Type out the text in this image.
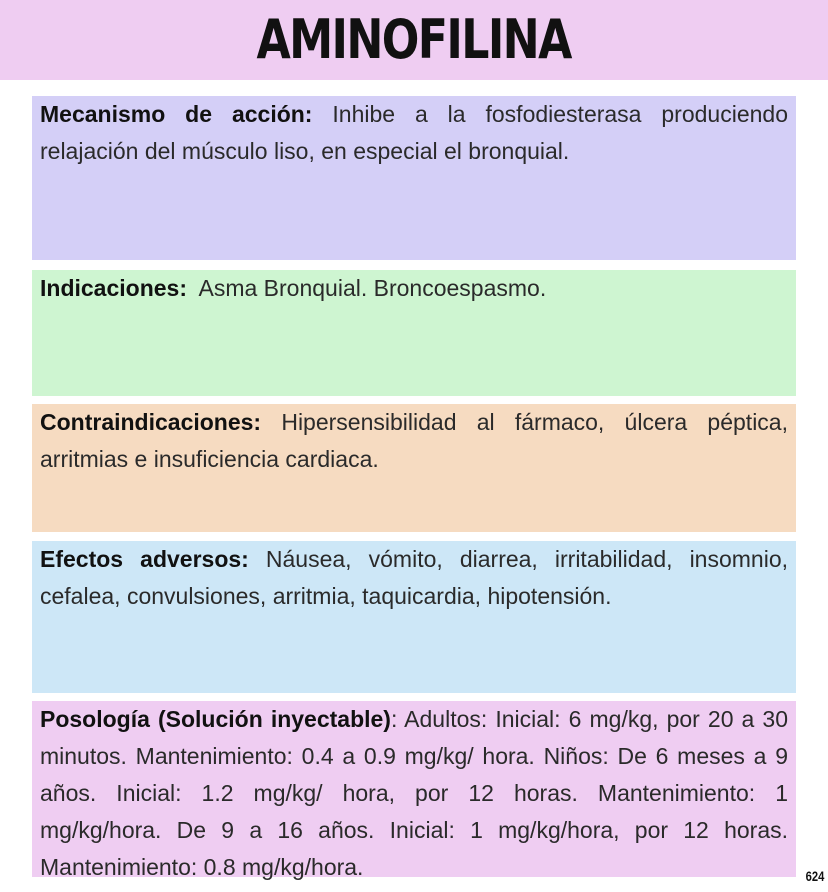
AMINOFILINA
Mecanismo de acción: Inhibe a la fosfodiesterasa produciendo relajación del músculo liso, en especial el bronquial.
Indicaciones:  Asma Bronquial. Broncoespasmo.
Contraindicaciones: Hipersensibilidad al fármaco, úlcera péptica, arritmias e insuficiencia cardiaca.
Efectos adversos: Náusea, vómito, diarrea, irritabilidad, insomnio, cefalea, convulsiones, arritmia, taquicardia, hipotensión.
Posología (Solución inyectable): Adultos: Inicial: 6 mg/kg, por 20 a 30 minutos. Mantenimiento: 0.4 a 0.9 mg/kg/ hora. Niños: De 6 meses a 9 años. Inicial: 1.2 mg/kg/ hora, por 12 horas. Mantenimiento: 1 mg/kg/hora. De 9 a 16 años. Inicial: 1 mg/kg/hora, por 12 horas. Mantenimiento: 0.8 mg/kg/hora.	624
